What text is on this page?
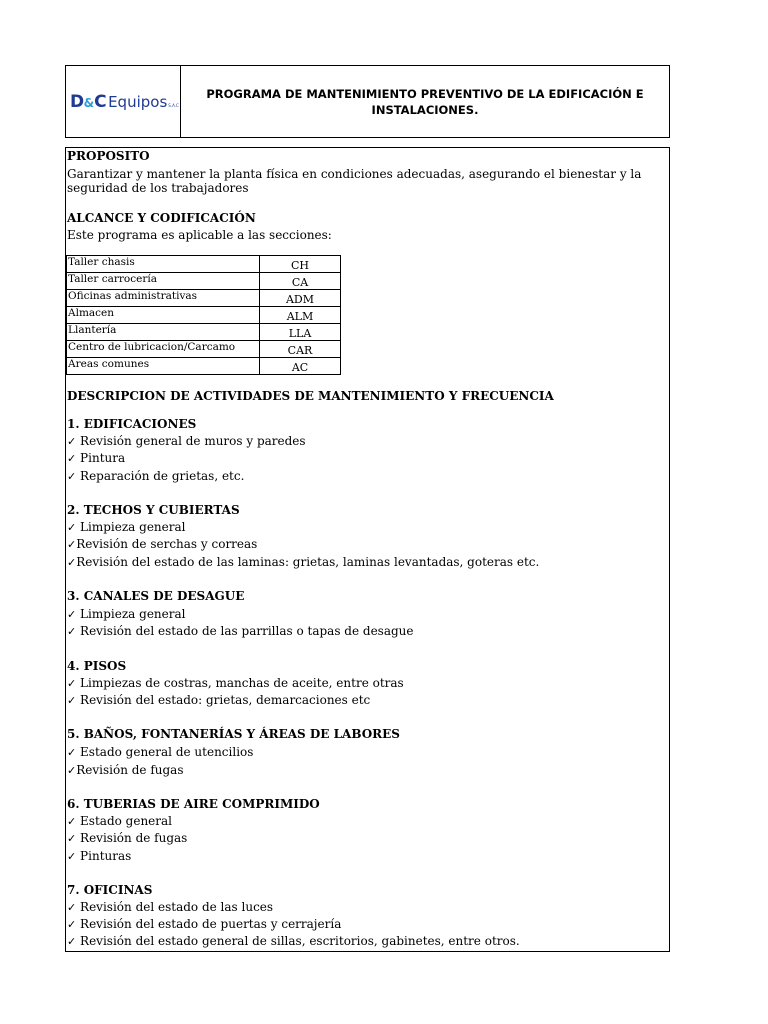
D & C Equipos S.A.C
PROGRAMA DE MANTENIMIENTO PREVENTIVO DE LA EDIFICACIÓN E INSTALACIONES.
PROPOSITO
Garantizar y mantener la planta física en condiciones adecuadas, asegurando el bienestar y la
seguridad de los trabajadores
ALCANCE Y CODIFICACIÓN
Este programa es aplicable a las secciones:
Taller chasis	CH
Taller carrocería	CA
Oficinas administrativas	ADM
Almacen	ALM
Llantería	LLA
Centro de lubricacion/Carcamo	CAR
Areas comunes	AC
DESCRIPCION DE ACTIVIDADES DE MANTENIMIENTO Y FRECUENCIA
1. EDIFICACIONES
✓ Revisión general de muros y paredes
✓ Pintura
✓ Reparación de grietas, etc.
2. TECHOS Y CUBIERTAS
✓ Limpieza general
✓Revisión de serchas y correas
✓Revisión del estado de las laminas: grietas, laminas levantadas, goteras etc.
3. CANALES DE DESAGUE
✓ Limpieza general
✓ Revisión del estado de las parrillas o tapas de desague
4. PISOS
✓ Limpiezas de costras, manchas de aceite, entre otras
✓ Revisión del estado: grietas, demarcaciones etc
5. BAÑOS, FONTANERÍAS Y ÁREAS DE LABORES
✓ Estado general de utencilios
✓Revisión de fugas
6. TUBERIAS DE AIRE COMPRIMIDO
✓ Estado general
✓ Revisión de fugas
✓ Pinturas
7. OFICINAS
✓ Revisión del estado de las luces
✓ Revisión del estado de puertas y cerrajería
✓ Revisión del estado general de sillas, escritorios, gabinetes, entre otros.
